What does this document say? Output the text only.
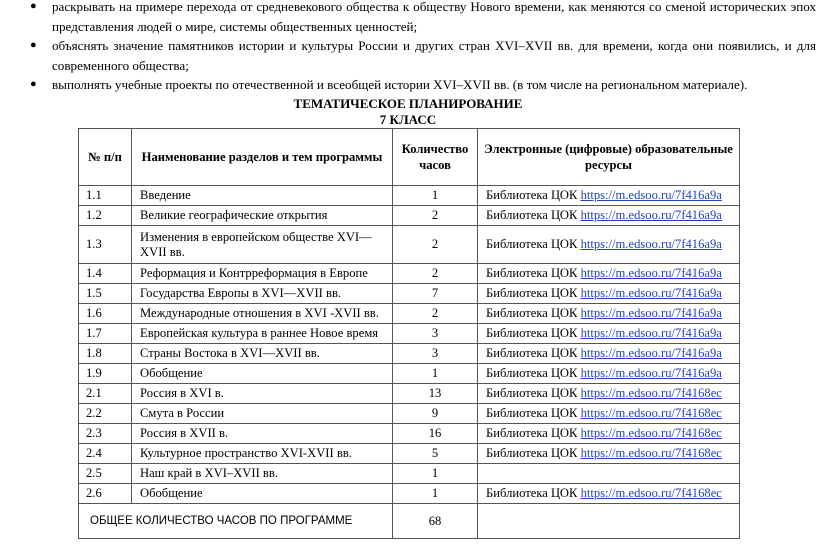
● раскрывать на примере перехода от средневекового общества к обществу Нового времени, как меняются со сменой исторических эпох представления людей о мире, системы общественных ценностей;
● объяснять значение памятников истории и культуры России и других стран XVI–XVII вв. для времени, когда они появились, и для современного общества;
● выполнять учебные проекты по отечественной и всеобщей истории XVI–XVII вв. (в том числе на региональном материале).
ТЕМАТИЧЕСКОЕ ПЛАНИРОВАНИЕ
7 КЛАСС
№ п/п	Наименование разделов и тем программы	Количество часов	Электронные (цифровые) образовательные ресурсы
1.1	Введение	1	Библиотека ЦОК https://m.edsoo.ru/7f416a9a
1.2	Великие географические открытия	2	Библиотека ЦОК https://m.edsoo.ru/7f416a9a
1.3	Изменения в европейском обществе XVI—XVII вв.	2	Библиотека ЦОК https://m.edsoo.ru/7f416a9a
1.4	Реформация и Контрреформация в Европе	2	Библиотека ЦОК https://m.edsoo.ru/7f416a9a
1.5	Государства Европы в XVI—XVII вв.	7	Библиотека ЦОК https://m.edsoo.ru/7f416a9a
1.6	Международные отношения в XVI -XVII вв.	2	Библиотека ЦОК https://m.edsoo.ru/7f416a9a
1.7	Европейская культура в раннее Новое время	3	Библиотека ЦОК https://m.edsoo.ru/7f416a9a
1.8	Страны Востока в XVI—XVII вв.	3	Библиотека ЦОК https://m.edsoo.ru/7f416a9a
1.9	Обобщение	1	Библиотека ЦОК https://m.edsoo.ru/7f416a9a
2.1	Россия в XVI в.	13	Библиотека ЦОК https://m.edsoo.ru/7f4168ec
2.2	Смута в России	9	Библиотека ЦОК https://m.edsoo.ru/7f4168ec
2.3	Россия в XVII в.	16	Библиотека ЦОК https://m.edsoo.ru/7f4168ec
2.4	Культурное пространство XVI-XVII вв.	5	Библиотека ЦОК https://m.edsoo.ru/7f4168ec
2.5	Наш край в XVI–XVII вв.	1	
2.6	Обобщение	1	Библиотека ЦОК https://m.edsoo.ru/7f4168ec
ОБЩЕЕ КОЛИЧЕСТВО ЧАСОВ ПО ПРОГРАММЕ		68	
